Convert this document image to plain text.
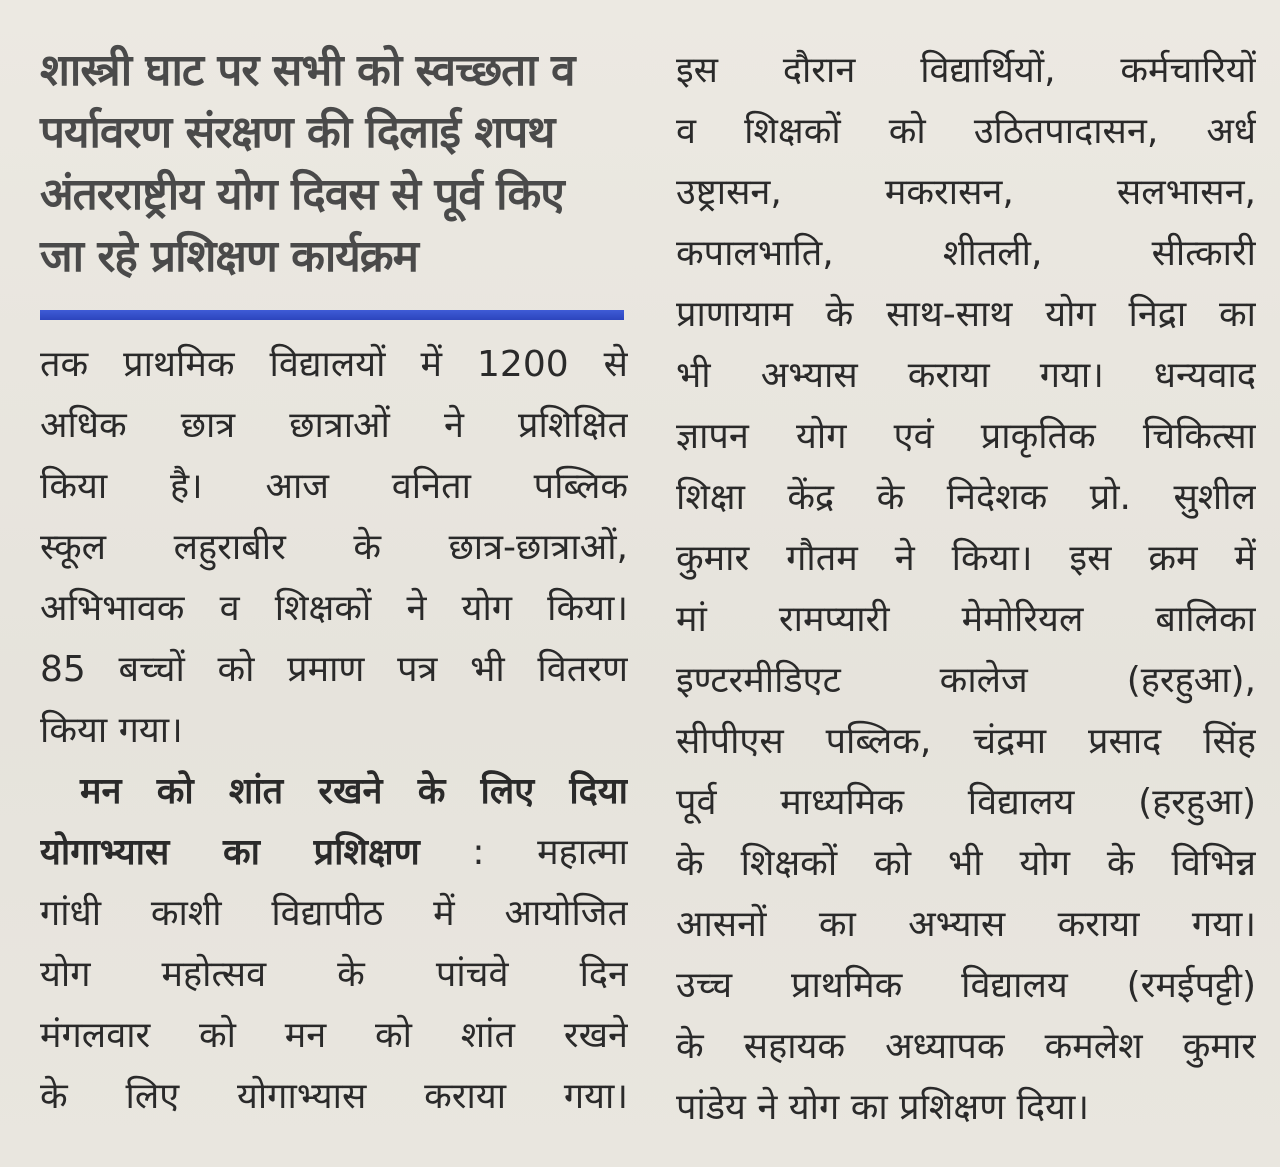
शास्त्री घाट पर सभी को स्वच्छता व
पर्यावरण संरक्षण की दिलाई शपथ
अंतरराष्ट्रीय योग दिवस से पूर्व किए
जा रहे प्रशिक्षण कार्यक्रम
तक प्राथमिक विद्यालयों में 1200 से
अधिक छात्र छात्राओं ने प्रशिक्षित
किया है। आज वनिता पब्लिक
स्कूल लहुराबीर के छात्र-छात्राओं,
अभिभावक व शिक्षकों ने योग किया।
85 बच्चों को प्रमाण पत्र भी वितरण
किया गया।
मन को शांत रखने के लिए दिया
योगाभ्यास का प्रशिक्षण : महात्मा
गांधी काशी विद्यापीठ में आयोजित
योग महोत्सव के पांचवे दिन
मंगलवार को मन को शांत रखने
के लिए योगाभ्यास कराया गया।
इस दौरान विद्यार्थियों, कर्मचारियों
व शिक्षकों को उठितपादासन, अर्ध
उष्ट्रासन, मकरासन, सलभासन,
कपालभाति, शीतली, सीत्कारी
प्राणायाम के साथ-साथ योग निद्रा का
भी अभ्यास कराया गया। धन्यवाद
ज्ञापन योग एवं प्राकृतिक चिकित्सा
शिक्षा केंद्र के निदेशक प्रो. सुशील
कुमार गौतम ने किया। इस क्रम में
मां रामप्यारी मेमोरियल बालिका
इण्टरमीडिएट कालेज (हरहुआ),
सीपीएस पब्लिक, चंद्रमा प्रसाद सिंह
पूर्व माध्यमिक विद्यालय (हरहुआ)
के शिक्षकों को भी योग के विभिन्न
आसनों का अभ्यास कराया गया।
उच्च प्राथमिक विद्यालय (रमईपट्टी)
के सहायक अध्यापक कमलेश कुमार
पांडेय ने योग का प्रशिक्षण दिया।
